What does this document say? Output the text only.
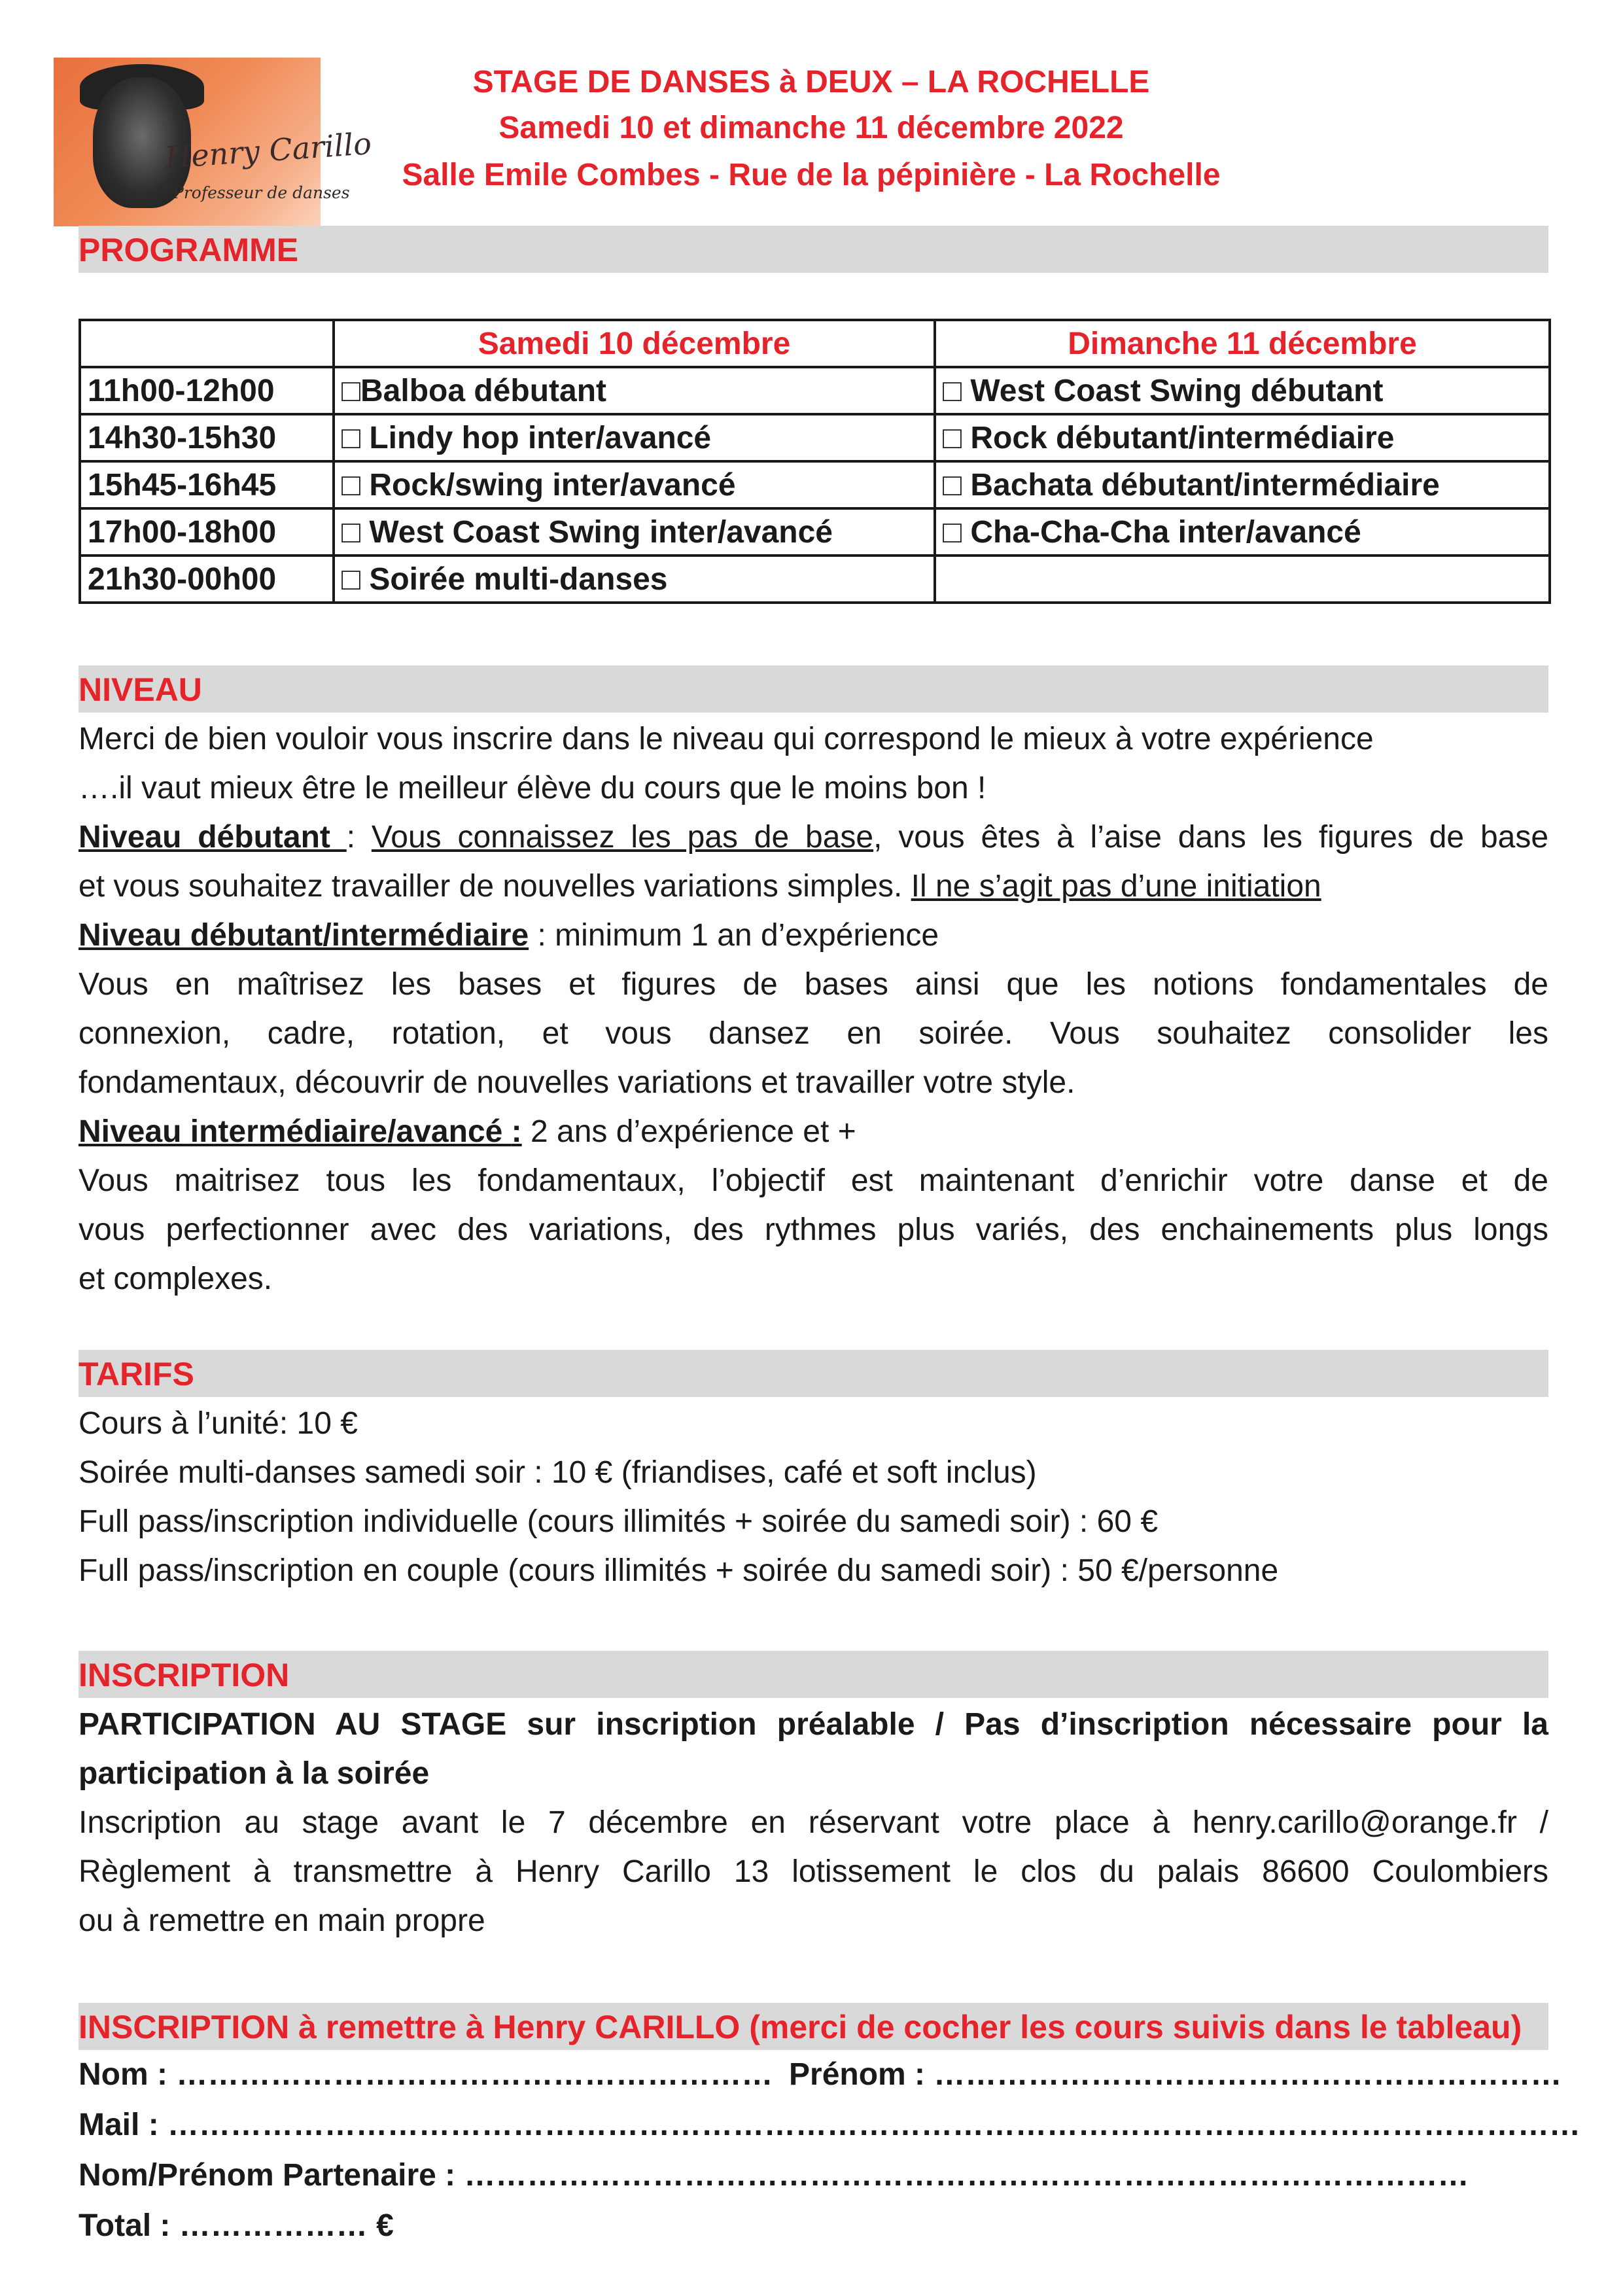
Henry Carillo
Professeur de danses
STAGE DE DANSES à DEUX – LA ROCHELLE
Samedi 10 et dimanche 11 décembre 2022
Salle Emile Combes - Rue de la pépinière - La Rochelle
PROGRAMME
	Samedi 10 décembre	Dimanche 11 décembre
11h00-12h00	□Balboa débutant	□ West Coast Swing débutant
14h30-15h30	□ Lindy hop inter/avancé	□ Rock débutant/intermédiaire
15h45-16h45	□ Rock/swing inter/avancé	□ Bachata débutant/intermédiaire
17h00-18h00	□ West Coast Swing inter/avancé	□ Cha-Cha-Cha inter/avancé
21h30-00h00	□ Soirée multi-danses	
NIVEAU
Merci de bien vouloir vous inscrire dans le niveau qui correspond le mieux à votre expérience
….il vaut mieux être le meilleur élève du cours que le moins bon !
Niveau débutant : Vous connaissez les pas de base, vous êtes à l’aise dans les figures de base
et vous souhaitez travailler de nouvelles variations simples. Il ne s’agit pas d’une initiation
Niveau débutant/intermédiaire : minimum 1 an d’expérience
Vous en maîtrisez les bases et figures de bases ainsi que les notions fondamentales de
connexion, cadre, rotation, et vous dansez en soirée. Vous souhaitez consolider les
fondamentaux, découvrir de nouvelles variations et travailler votre style.
Niveau intermédiaire/avancé : 2 ans d’expérience et +
Vous maitrisez tous les fondamentaux, l’objectif est maintenant d’enrichir votre danse et de
vous perfectionner avec des variations, des rythmes plus variés, des enchainements plus longs
et complexes.
TARIFS
Cours à l’unité: 10 €
Soirée multi-danses samedi soir : 10 € (friandises, café et soft inclus)
Full pass/inscription individuelle (cours illimités + soirée du samedi soir) : 60 €
Full pass/inscription en couple (cours illimités + soirée du samedi soir) : 50 €/personne
INSCRIPTION
PARTICIPATION AU STAGE sur inscription préalable / Pas d’inscription nécessaire pour la
participation à la soirée
Inscription au stage avant le 7 décembre en réservant votre place à henry.carillo@orange.fr /
Règlement à transmettre à Henry Carillo 13 lotissement le clos du palais 86600 Coulombiers
ou à remettre en main propre
INSCRIPTION à remettre à Henry CARILLO (merci de cocher les cours suivis dans le tableau)
Nom : ………………………………………………… Prénom : ……………………………………………………
Mail : ………………………………………………………………………………………………………………………
Nom/Prénom Partenaire : ……………………………………………………………………………………
Total : ……………… €
